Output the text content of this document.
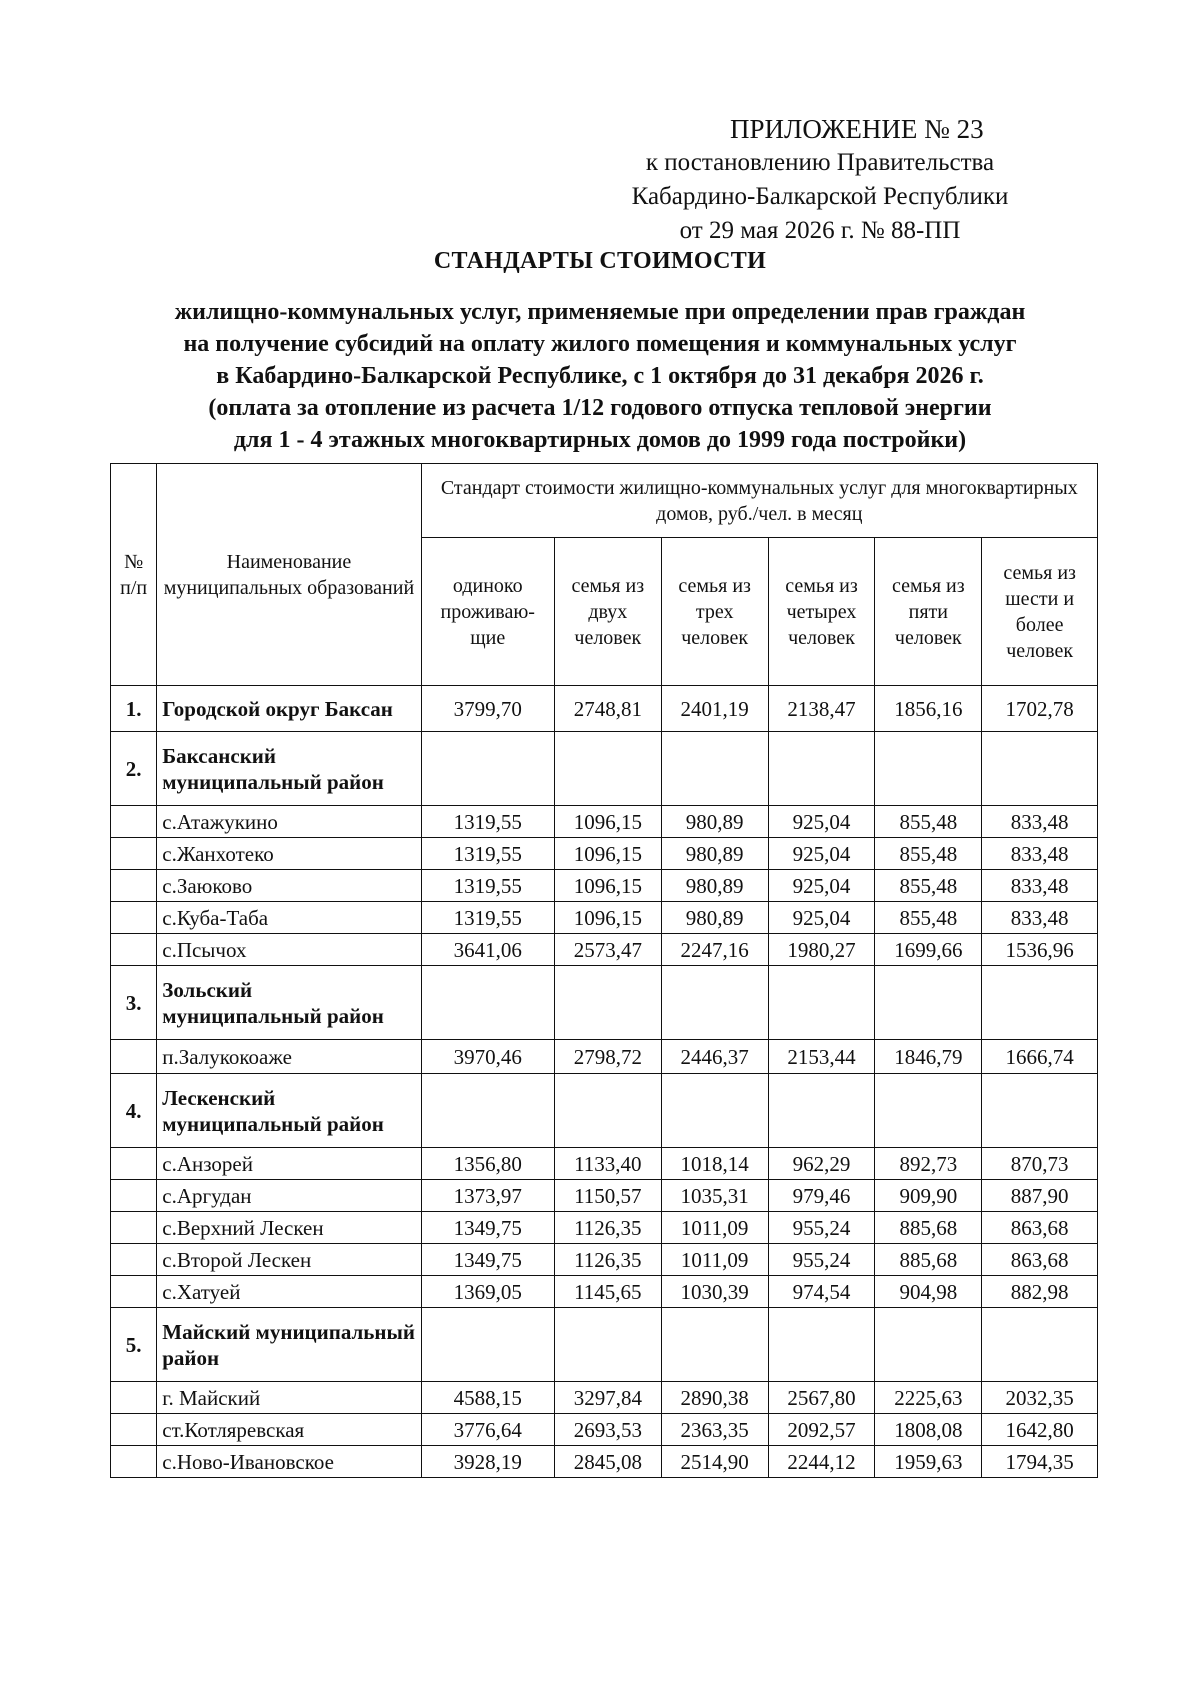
ПРИЛОЖЕНИЕ № 23
к постановлению Правительства
Кабардино-Балкарской Республики
от 29 мая 2026 г. № 88-ПП
СТАНДАРТЫ СТОИМОСТИ
жилищно-коммунальных услуг, применяемые при определении прав граждан
на получение субсидий на оплату жилого помещения и коммунальных услуг
в Кабардино-Балкарской Республике, с 1 октября до 31 декабря 2026 г.
(оплата за отопление из расчета 1/12 годового отпуска тепловой энергии
для 1 - 4 этажных многоквартирных домов до 1999 года постройки)
№ п/п	Наименование муниципальных образований	Стандарт стоимости жилищно-коммунальных услуг для многоквартирных домов, руб./чел. в месяц					
		одиноко проживаю-щие	семья из двух человек	семья из трех человек	семья из четырех человек	семья из пяти человек	семья из шести и более человек
1.	Городской округ Баксан	3799,70	2748,81	2401,19	2138,47	1856,16	1702,78
2.	Баксанский муниципальный район						
	с.Атажукино	1319,55	1096,15	980,89	925,04	855,48	833,48
	с.Жанхотеко	1319,55	1096,15	980,89	925,04	855,48	833,48
	с.Заюково	1319,55	1096,15	980,89	925,04	855,48	833,48
	с.Куба-Таба	1319,55	1096,15	980,89	925,04	855,48	833,48
	с.Псычох	3641,06	2573,47	2247,16	1980,27	1699,66	1536,96
3.	Зольский муниципальный район						
	п.Залукокоаже	3970,46	2798,72	2446,37	2153,44	1846,79	1666,74
4.	Лескенский муниципальный район						
	с.Анзорей	1356,80	1133,40	1018,14	962,29	892,73	870,73
	с.Аргудан	1373,97	1150,57	1035,31	979,46	909,90	887,90
	с.Верхний Лескен	1349,75	1126,35	1011,09	955,24	885,68	863,68
	с.Второй Лескен	1349,75	1126,35	1011,09	955,24	885,68	863,68
	с.Хатуей	1369,05	1145,65	1030,39	974,54	904,98	882,98
5.	Майский муниципальный район						
	г. Майский	4588,15	3297,84	2890,38	2567,80	2225,63	2032,35
	ст.Котляревская	3776,64	2693,53	2363,35	2092,57	1808,08	1642,80
	с.Ново-Ивановское	3928,19	2845,08	2514,90	2244,12	1959,63	1794,35
